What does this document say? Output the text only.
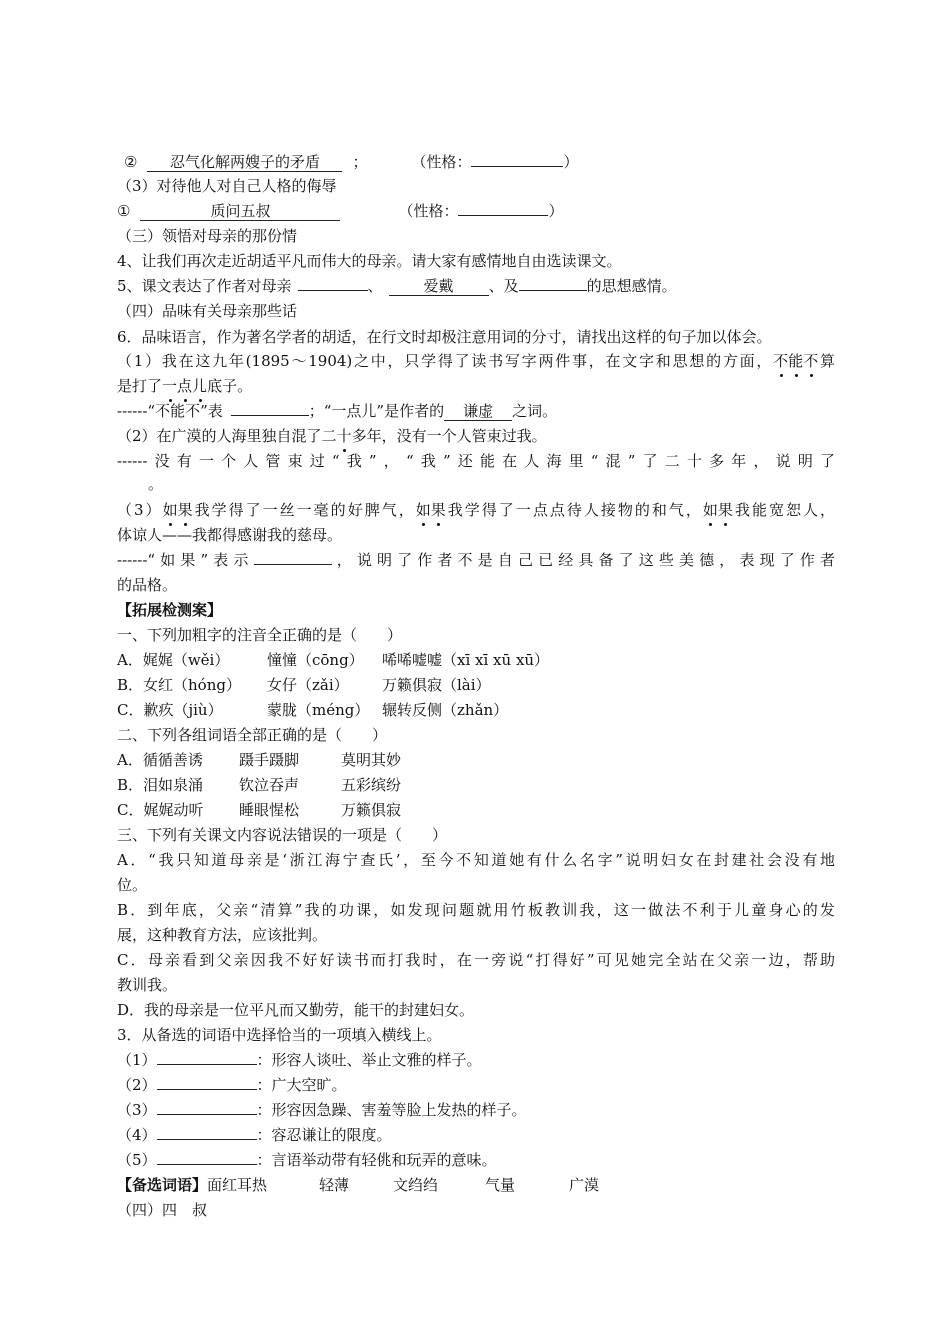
② 忍气化解两嫂子的矛盾 ；	（性格：	）
（3）对待他人对自己人格的侮辱
①	质问五叔	（性格：	）
（三）领悟对母亲的那份情
4、让我们再次走近胡适平凡而伟大的母亲。请大家有感情地自由选读课文。
5、课文表达了作者对母亲	、	爱戴 、及	的思想感情。
（四）品味有关母亲那些话
6．品味语言，作为著名学者的胡适，在行文时却极注意用词的分寸，请找出这样的句子加以体会。
（1）我在这九年(1895～1904)之中，只学得了读书写字两件事，在文字和思想的方面，不能不算
是打了一点儿底子。
------“不能不”表	；“一点儿”是作者的 谦虚 之词。
（2）在广漠的人海里独自混了二十多年，没有一个人管束过我。
------没有一个人管束过“我”，“我”还能在人海里“混”了二十多年，说明了
。
（3）如果我学得了一丝一毫的好脾气，如果我学得了一点点待人接物的和气，如果我能宽恕人，
体谅人——我都得感谢我的慈母。
------“如果”表示	，说明了作者不是自己已经具备了这些美德，表现了作者
的品格。
【拓展检测案】
一、下列加粗字的注音全正确的是（　　）
A．娓娓（wěi）	憧憧（cōng） 唏唏嘘嘘（xī xī xū xū）
B．女红（hóng） 女仔（zǎi） 万籁俱寂（lài）
C．歉疚（jiù）	蒙胧（méng） 辗转反侧（zhǎn）
二、下列各组词语全部正确的是（　　）
A．循循善诱 蹑手蹑脚	莫明其妙
B．泪如泉涌 钦泣吞声	五彩缤纷
C．娓娓动听 睡眼惺松	万籁俱寂
三、下列有关课文内容说法错误的一项是（　　）
A．“我只知道母亲是‘浙江海宁查氏’，至今不知道她有什么名字”说明妇女在封建社会没有地
位。
B．到年底，父亲“清算”我的功课，如发现问题就用竹板教训我，这一做法不利于儿童身心的发
展，这种教育方法，应该批判。
C．母亲看到父亲因我不好好读书而打我时，在一旁说“打得好”可见她完全站在父亲一边，帮助
教训我。
D．我的母亲是一位平凡而又勤劳，能干的封建妇女。
3．从备选的词语中选择恰当的一项填入横线上。
（1）	：形容人谈吐、举止文雅的样子。
（2）	：广大空旷。
（3）	：形容因急躁、害羞等脸上发热的样子。
（4）	：容忍谦让的限度。
（5）	：言语举动带有轻佻和玩弄的意味。
【备选词语】面红耳热	轻薄	文绉绉	气量	广漠
（四）四　叔
